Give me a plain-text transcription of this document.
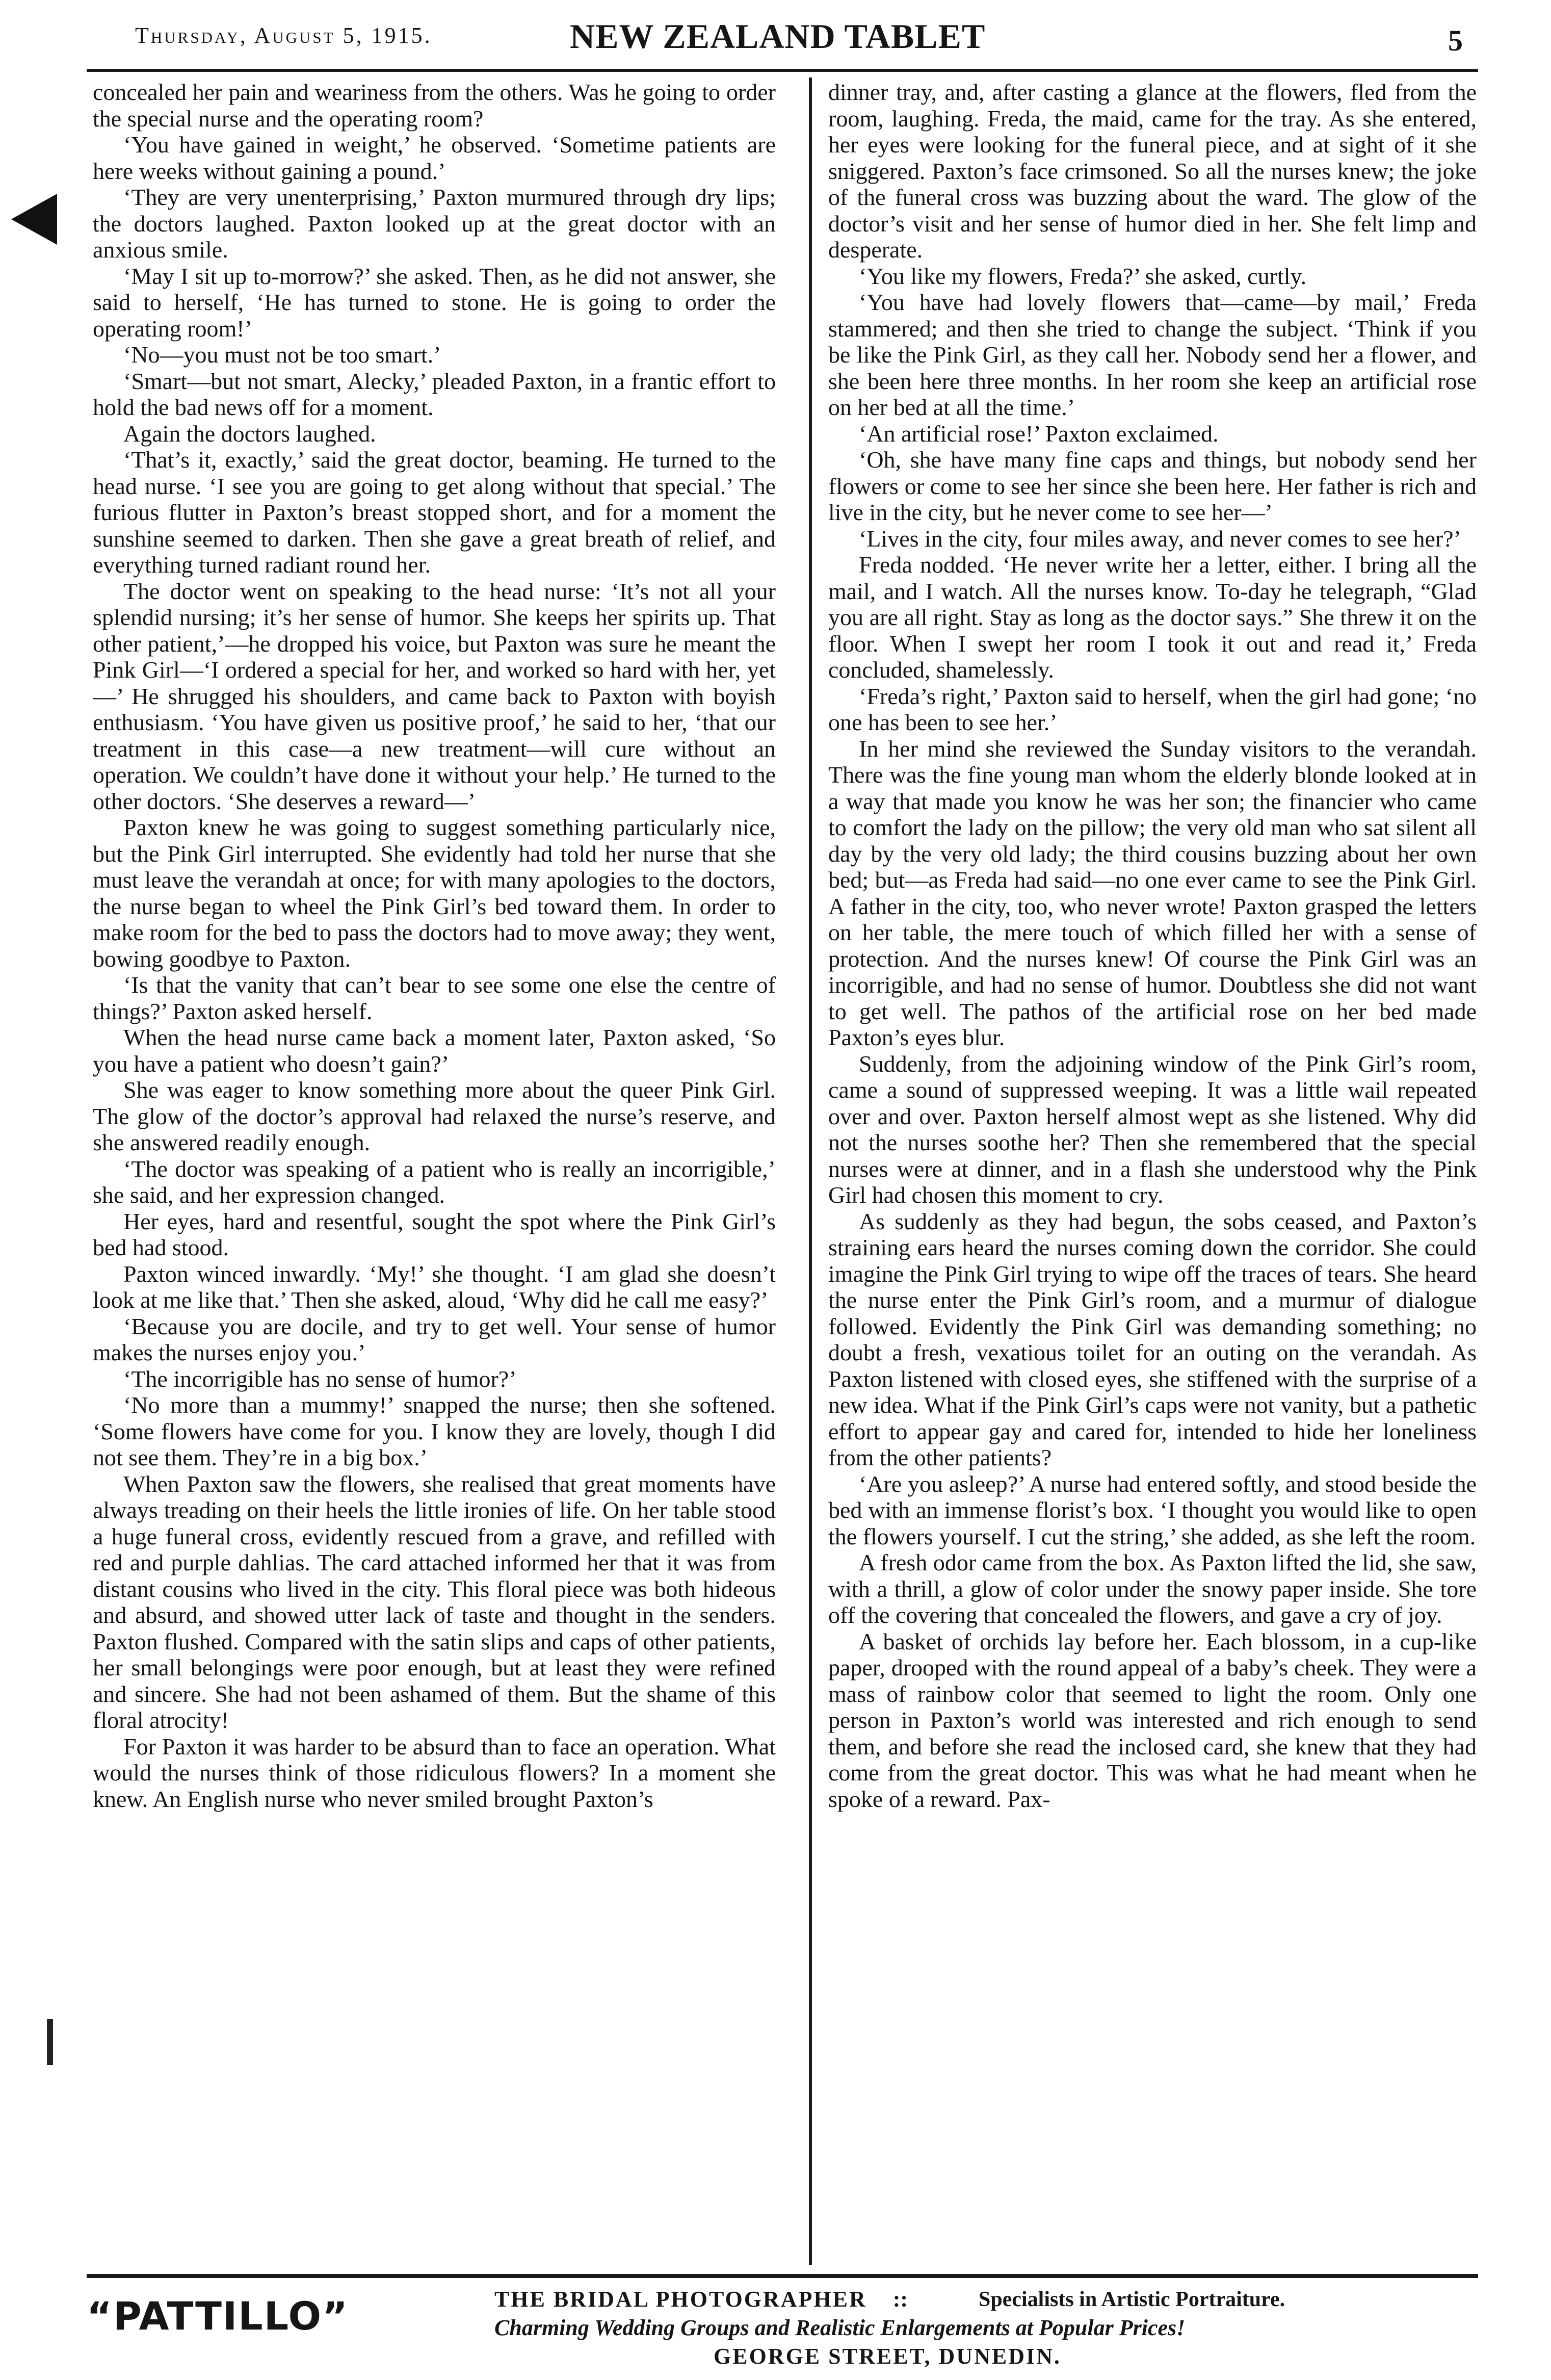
Thursday, August 5, 1915.	NEW ZEALAND TABLET	5

concealed her pain and weariness from the others. Was he going to order the special nurse and the operating room?

‘You have gained in weight,’ he observed. ‘Sometime patients are here weeks without gaining a pound.’

‘They are very unenterprising,’ Paxton murmured through dry lips; the doctors laughed. Paxton looked up at the great doctor with an anxious smile.

‘May I sit up to-morrow?’ she asked. Then, as he did not answer, she said to herself, ‘He has turned to stone. He is going to order the operating room!’

‘No—you must not be too smart.’

‘Smart—but not smart, Alecky,’ pleaded Paxton, in a frantic effort to hold the bad news off for a moment.

Again the doctors laughed.

‘That’s it, exactly,’ said the great doctor, beaming. He turned to the head nurse. ‘I see you are going to get along without that special.’ The furious flutter in Paxton’s breast stopped short, and for a moment the sunshine seemed to darken. Then she gave a great breath of relief, and everything turned radiant round her.

The doctor went on speaking to the head nurse: ‘It’s not all your splendid nursing; it’s her sense of humor. She keeps her spirits up. That other patient,’—he dropped his voice, but Paxton was sure he meant the Pink Girl—‘I ordered a special for her, and worked so hard with her, yet—’ He shrugged his shoulders, and came back to Paxton with boyish enthusiasm. ‘You have given us positive proof,’ he said to her, ‘that our treatment in this case—a new treatment—will cure without an operation. We couldn’t have done it without your help.’ He turned to the other doctors. ‘She deserves a reward—’

Paxton knew he was going to suggest something particularly nice, but the Pink Girl interrupted. She evidently had told her nurse that she must leave the verandah at once; for with many apologies to the doctors, the nurse began to wheel the Pink Girl’s bed toward them. In order to make room for the bed to pass the doctors had to move away; they went, bowing goodbye to Paxton.

‘Is that the vanity that can’t bear to see some one else the centre of things?’ Paxton asked herself.

When the head nurse came back a moment later, Paxton asked, ‘So you have a patient who doesn’t gain?’

She was eager to know something more about the queer Pink Girl. The glow of the doctor’s approval had relaxed the nurse’s reserve, and she answered readily enough.

‘The doctor was speaking of a patient who is really an incorrigible,’ she said, and her expression changed.

Her eyes, hard and resentful, sought the spot where the Pink Girl’s bed had stood.

Paxton winced inwardly. ‘My!’ she thought. ‘I am glad she doesn’t look at me like that.’ Then she asked, aloud, ‘Why did he call me easy?’

‘Because you are docile, and try to get well. Your sense of humor makes the nurses enjoy you.’

‘The incorrigible has no sense of humor?’

‘No more than a mummy!’ snapped the nurse; then she softened. ‘Some flowers have come for you. I know they are lovely, though I did not see them. They’re in a big box.’

When Paxton saw the flowers, she realised that great moments have always treading on their heels the little ironies of life. On her table stood a huge funeral cross, evidently rescued from a grave, and refilled with red and purple dahlias. The card attached informed her that it was from distant cousins who lived in the city. This floral piece was both hideous and absurd, and showed utter lack of taste and thought in the senders. Paxton flushed. Compared with the satin slips and caps of other patients, her small belongings were poor enough, but at least they were refined and sincere. She had not been ashamed of them. But the shame of this floral atrocity!

For Paxton it was harder to be absurd than to face an operation. What would the nurses think of those ridiculous flowers? In a moment she knew. An English nurse who never smiled brought Paxton’s

dinner tray, and, after casting a glance at the flowers, fled from the room, laughing. Freda, the maid, came for the tray. As she entered, her eyes were looking for the funeral piece, and at sight of it she sniggered. Paxton’s face crimsoned. So all the nurses knew; the joke of the funeral cross was buzzing about the ward. The glow of the doctor’s visit and her sense of humor died in her. She felt limp and desperate.

‘You like my flowers, Freda?’ she asked, curtly.

‘You have had lovely flowers that—came—by mail,’ Freda stammered; and then she tried to change the subject. ‘Think if you be like the Pink Girl, as they call her. Nobody send her a flower, and she been here three months. In her room she keep an artificial rose on her bed at all the time.’

‘An artificial rose!’ Paxton exclaimed.

‘Oh, she have many fine caps and things, but nobody send her flowers or come to see her since she been here. Her father is rich and live in the city, but he never come to see her—’

‘Lives in the city, four miles away, and never comes to see her?’

Freda nodded. ‘He never write her a letter, either. I bring all the mail, and I watch. All the nurses know. To-day he telegraph, “Glad you are all right. Stay as long as the doctor says.” She threw it on the floor. When I swept her room I took it out and read it,’ Freda concluded, shamelessly.

‘Freda’s right,’ Paxton said to herself, when the girl had gone; ‘no one has been to see her.’

In her mind she reviewed the Sunday visitors to the verandah. There was the fine young man whom the elderly blonde looked at in a way that made you know he was her son; the financier who came to comfort the lady on the pillow; the very old man who sat silent all day by the very old lady; the third cousins buzzing about her own bed; but—as Freda had said—no one ever came to see the Pink Girl. A father in the city, too, who never wrote! Paxton grasped the letters on her table, the mere touch of which filled her with a sense of protection. And the nurses knew! Of course the Pink Girl was an incorrigible, and had no sense of humor. Doubtless she did not want to get well. The pathos of the artificial rose on her bed made Paxton’s eyes blur.

Suddenly, from the adjoining window of the Pink Girl’s room, came a sound of suppressed weeping. It was a little wail repeated over and over. Paxton herself almost wept as she listened. Why did not the nurses soothe her? Then she remembered that the special nurses were at dinner, and in a flash she understood why the Pink Girl had chosen this moment to cry.

As suddenly as they had begun, the sobs ceased, and Paxton’s straining ears heard the nurses coming down the corridor. She could imagine the Pink Girl trying to wipe off the traces of tears. She heard the nurse enter the Pink Girl’s room, and a murmur of dialogue followed. Evidently the Pink Girl was demanding something; no doubt a fresh, vexatious toilet for an outing on the verandah. As Paxton listened with closed eyes, she stiffened with the surprise of a new idea. What if the Pink Girl’s caps were not vanity, but a pathetic effort to appear gay and cared for, intended to hide her loneliness from the other patients?

‘Are you asleep?’ A nurse had entered softly, and stood beside the bed with an immense florist’s box. ‘I thought you would like to open the flowers yourself. I cut the string,’ she added, as she left the room.

A fresh odor came from the box. As Paxton lifted the lid, she saw, with a thrill, a glow of color under the snowy paper inside. She tore off the covering that concealed the flowers, and gave a cry of joy.

A basket of orchids lay before her. Each blossom, in a cup-like paper, drooped with the round appeal of a baby’s cheek. They were a mass of rainbow color that seemed to light the room. Only one person in Paxton’s world was interested and rich enough to send them, and before she read the inclosed card, she knew that they had come from the great doctor. This was what he had meant when he spoke of a reward. Pax-

“PATTILLO”	THE BRIDAL PHOTOGRAPHER ::	Specialists in Artistic Portraiture.
Charming Wedding Groups and Realistic Enlargements at Popular Prices!
GEORGE STREET, DUNEDIN.
